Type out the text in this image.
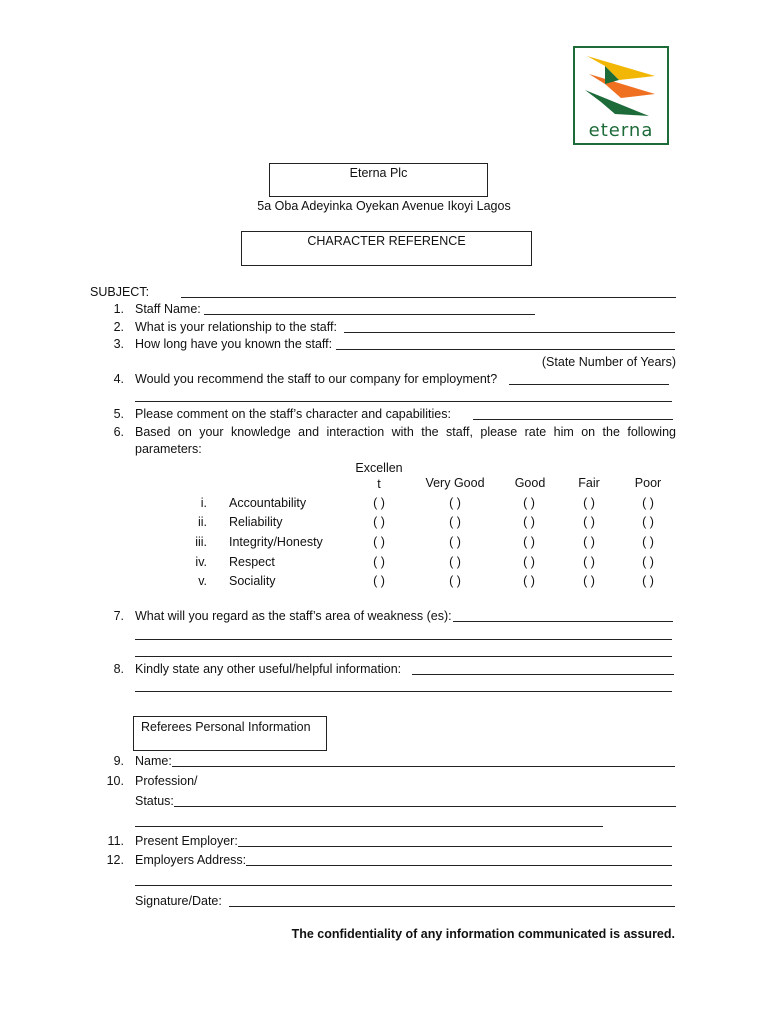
eterna
Eterna Plc
5a Oba Adeyinka Oyekan Avenue Ikoyi Lagos
CHARACTER REFERENCE
SUBJECT:
1. Staff Name:
2. What is your relationship to the staff:
3. How long have you known the staff:
(State Number of Years)
4. Would you recommend the staff to our company for employment?
5. Please comment on the staff’s character and capabilities:
6. Based on your knowledge and interaction with the staff, please rate him on the following
parameters:
Excellen
t	Very Good	Good	Fair	Poor
i. Accountability	( )	( )	( )	( )	( )
ii. Reliability	( )	( )	( )	( )	( )
iii. Integrity/Honesty	( )	( )	( )	( )	( )
iv. Respect	( )	( )	( )	( )	( )
v. Sociality	( )	( )	( )	( )	( )
7. What will you regard as the staff’s area of weakness (es):
8. Kindly state any other useful/helpful information:
Referees Personal Information
9. Name:
10. Profession/
Status:
11. Present Employer:
12. Employers Address:
Signature/Date:
The confidentiality of any information communicated is assured.
